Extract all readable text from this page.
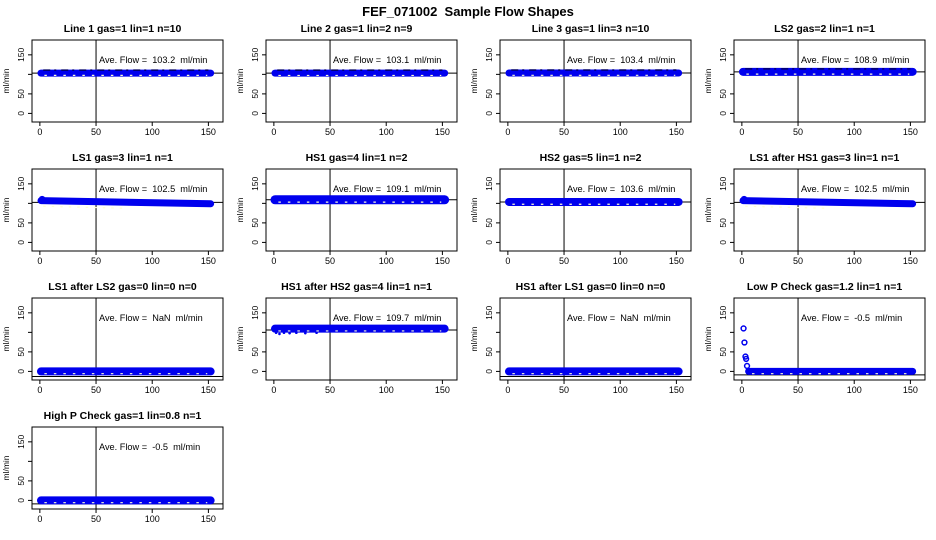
FEF_071002  Sample Flow Shapes
Line 1 gas=1 lin=1 n=10
0	50	100	150
0
50
150
ml/min
Ave. Flow =  103.2  ml/min
Line 2 gas=1 lin=2 n=9
0	50	100	150
0
50
150
ml/min
Ave. Flow =  103.1  ml/min
Line 3 gas=1 lin=3 n=10
0	50	100	150
0
50
150
ml/min
Ave. Flow =  103.4  ml/min
LS2 gas=2 lin=1 n=1
0	50	100	150
0
50
150
ml/min
Ave. Flow =  108.9  ml/min
LS1 gas=3 lin=1 n=1
0	50	100	150
0
50
150
ml/min
Ave. Flow =  102.5  ml/min
HS1 gas=4 lin=1 n=2
0	50	100	150
0
50
150
ml/min
Ave. Flow =  109.1  ml/min
HS2 gas=5 lin=1 n=2
0	50	100	150
0
50
150
ml/min
Ave. Flow =  103.6  ml/min
LS1 after HS1 gas=3 lin=1 n=1
0	50	100	150
0
50
150
ml/min
Ave. Flow =  102.5  ml/min
LS1 after LS2 gas=0 lin=0 n=0
0	50	100	150
0
50
150
ml/min
Ave. Flow =  NaN  ml/min
HS1 after HS2 gas=4 lin=1 n=1
0	50	100	150
0
50
150
ml/min
Ave. Flow =  109.7  ml/min
HS1 after LS1 gas=0 lin=0 n=0
0	50	100	150
0
50
150
ml/min
Ave. Flow =  NaN  ml/min
Low P Check gas=1.2 lin=1 n=1
0	50	100	150
0
50
150
ml/min
Ave. Flow =  -0.5  ml/min
High P Check gas=1 lin=0.8 n=1
0	50	100	150
0
50
150
ml/min
Ave. Flow =  -0.5  ml/min
